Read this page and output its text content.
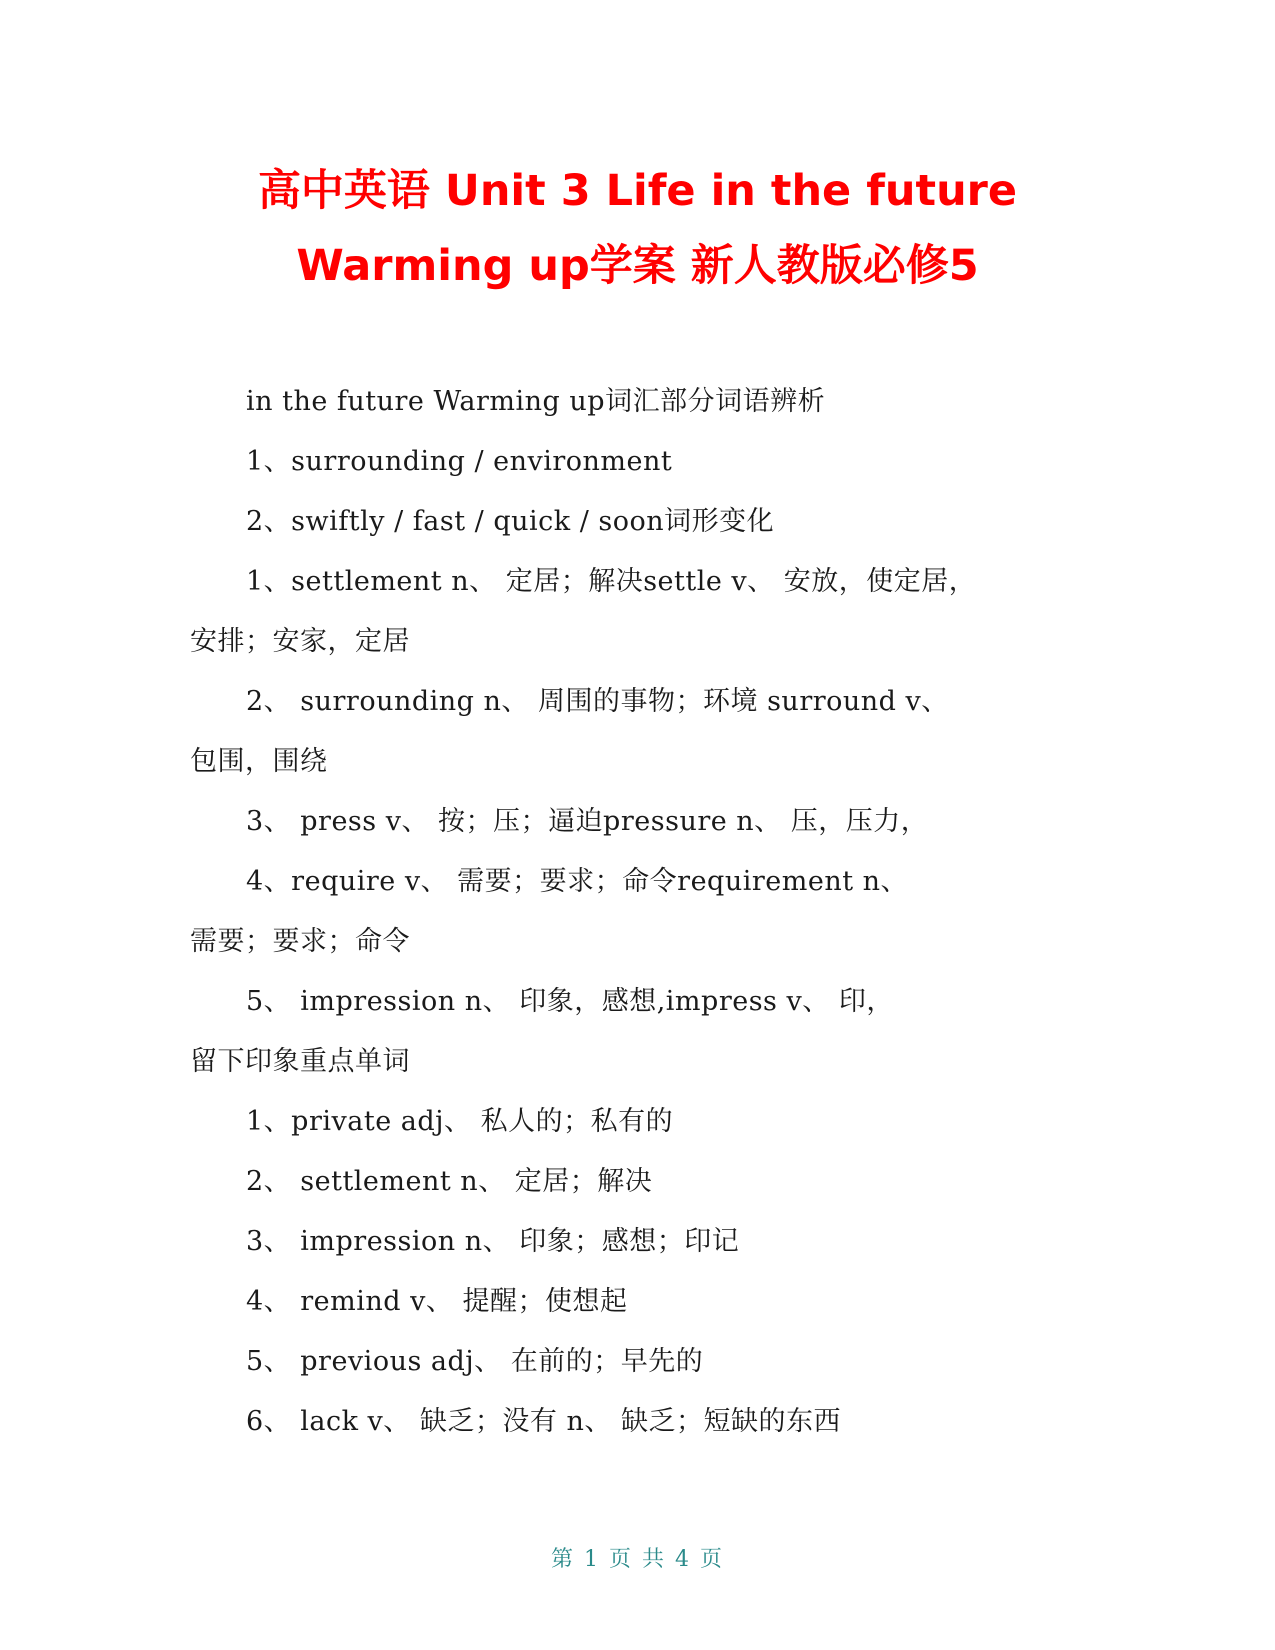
高中英语 Unit 3 Life in the future
Warming up学案 新人教版必修5
in the future Warming up词汇部分词语辨析
1、surrounding / environment
2、swiftly / fast / quick / soon词形变化
1、settlement n、 定居；解决settle v、 安放，使定居，
安排；安家，定居
2、 surrounding n、 周围的事物；环境 surround v、
包围，围绕
3、 press v、 按；压；逼迫pressure n、 压，压力，
4、require v、 需要；要求；命令requirement n、
需要；要求；命令
5、 impression n、 印象，感想,impress v、 印，
留下印象重点单词
1、private adj、 私人的；私有的
2、 settlement n、 定居；解决
3、 impression n、 印象；感想；印记
4、 remind v、 提醒；使想起
5、 previous adj、 在前的；早先的
6、 lack v、 缺乏；没有 n、 缺乏；短缺的东西
第 1 页 共 4 页
